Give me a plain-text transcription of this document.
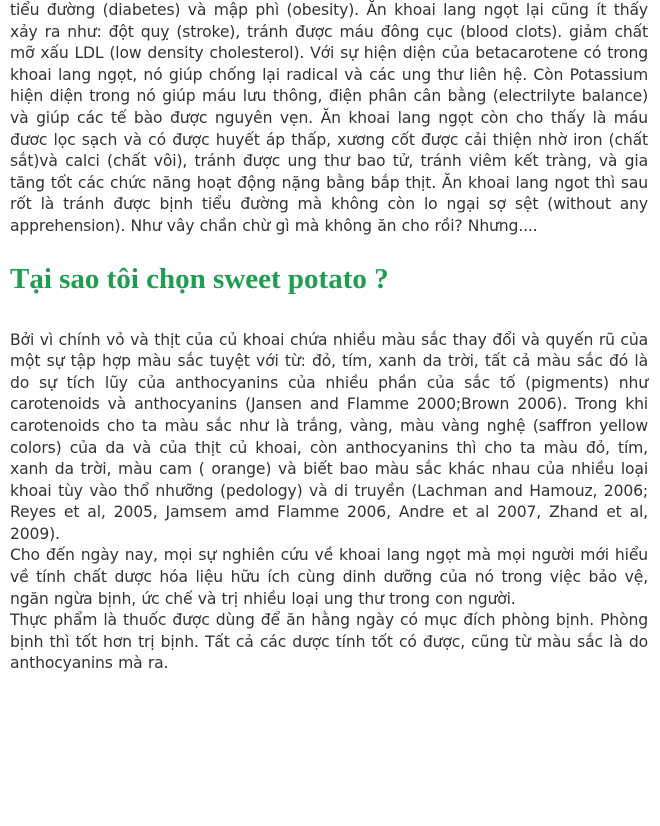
tiểu đường (diabetes) và mập phì (obesity). Ăn khoai lang ngọt lại cũng ít thấy xảy ra như: đột quỵ (stroke), tránh được máu đông cục (blood clots). giảm chất mỡ xấu LDL (low density cholesterol). Với sự hiện diện của betacarotene có trong khoai lang ngọt, nó giúp chống lại radical và các ung thư liên hệ. Còn Potassium hiện diện trong nó giúp máu lưu thông, điện phân cân bằng (electrilyte balance) và giúp các tế bào được nguyên vẹn. Ăn khoai lang ngọt còn cho thấy là máu đươc lọc sạch và có được huyết áp thấp, xương cốt được cải thiện nhờ iron (chất sắt)và calci (chất vôi), tránh được ung thư bao tử, tránh viêm kết tràng, và gia tăng tốt các chức năng hoạt động nặng bằng bắp thịt. Ăn khoai lang ngot thì sau rốt là tránh được bịnh tiểu đường mà không còn lo ngại sợ sệt (without any apprehension). Như vây chần chừ gì mà không ăn cho rồi? Nhưng....

Tại sao tôi chọn sweet potato ?

Bởi vì chính vỏ và thịt của củ khoai chứa nhiều màu sắc thay đổi và quyến rũ của một sự tập hợp màu sắc tuyệt với từ: đỏ, tím, xanh da trời, tất cả màu sắc đó là do sự tích lũy của anthocyanins của nhiều phần của sắc tố (pigments) như carotenoids và anthocyanins (Jansen and Flamme 2000;Brown 2006). Trong khi carotenoids cho ta màu sắc như là trắng, vàng, màu vàng nghệ (saffron yellow colors) của da và của thịt củ khoai, còn anthocyanins thì cho ta màu đỏ, tím, xanh da trời, màu cam ( orange) và biết bao màu sắc khác nhau của nhiều loại khoai tùy vào thổ nhưỡng (pedology) và di truyền (Lachman and Hamouz, 2006; Reyes et al, 2005, Jamsem amd Flamme 2006, Andre et al 2007, Zhand et al, 2009).

Cho đến ngày nay, mọi sự nghiên cứu về khoai lang ngọt mà mọi người mới hiểu về tính chất dược hóa liệu hữu ích cùng dinh dưỡng của nó trong việc bảo vệ, ngăn ngừa bịnh, ức chế và trị nhiều loại ung thư trong con người.

Thực phẩm là thuốc được dùng để ăn hằng ngày có mục đích phòng bịnh. Phòng bịnh thì tốt hơn trị bịnh. Tất cả các dược tính tốt có được, cũng từ màu sắc là do anthocyanins mà ra.
